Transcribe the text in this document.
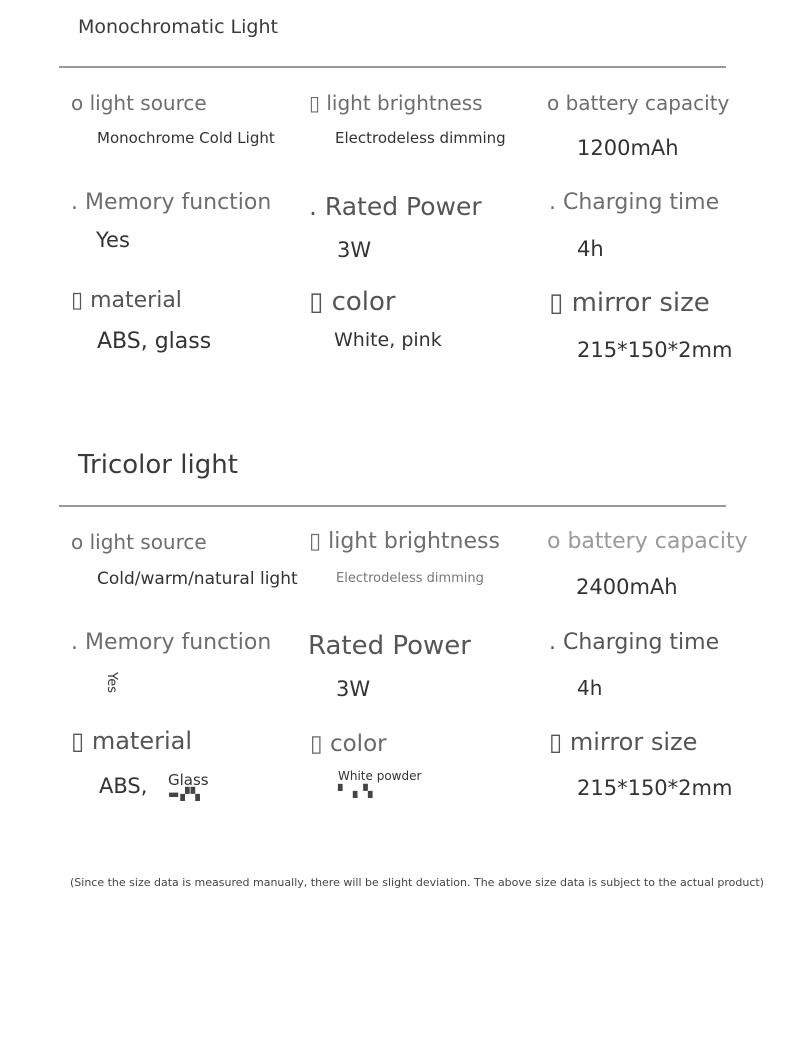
Monochromatic Light
o light source
Monochrome Cold Light
▯ light brightness
Electrodeless dimming
o battery capacity
1200mAh
. Memory function
Yes
. Rated Power
3W
. Charging time
4h
▯ material
ABS, glass
▯ color
White, pink
▯ mirror size
215*150*2mm
Tricolor light
o light source
Cold/warm/natural light
▯ light brightness
Electrodeless dimming
o battery capacity
2400mAh
. Memory function
Yes
Rated Power
3W
. Charging time
4h
▯ material
ABS, Glass
▬▞▚
▯ color
White powder
▘▗ ▚
▯ mirror size
215*150*2mm
(Since the size data is measured manually, there will be slight deviation. The above size data is subject to the actual product)
